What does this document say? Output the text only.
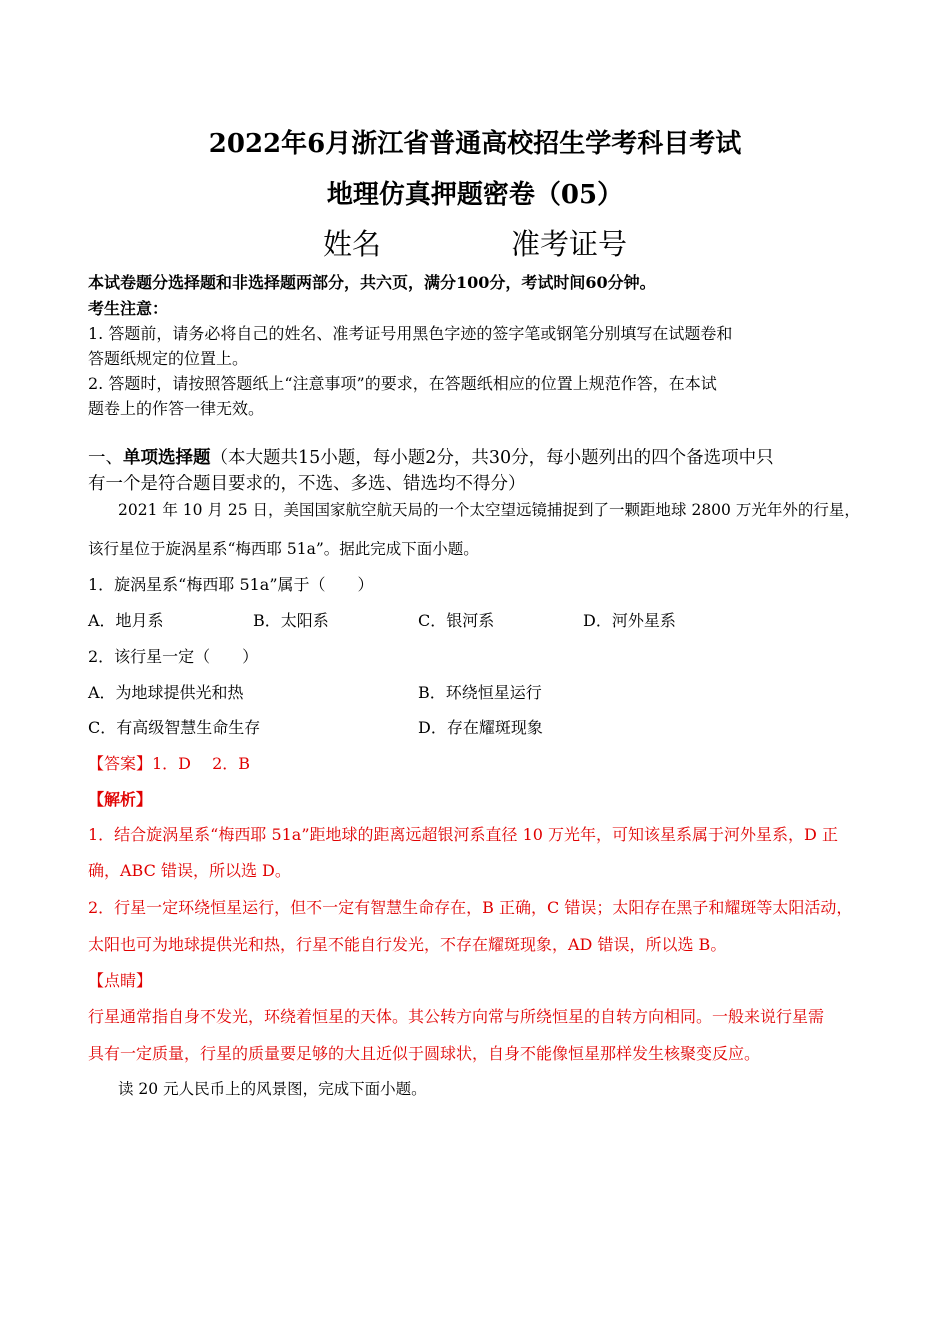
2022年6月浙江省普通高校招生学考科目考试
地理仿真押题密卷（05）
姓名	准考证号
本试卷题分选择题和非选择题两部分，共六页，满分100分，考试时间60分钟。
考生注意：
1. 答题前，请务必将自己的姓名、准考证号用黑色字迹的签字笔或钢笔分别填写在试题卷和
答题纸规定的位置上。
2. 答题时，请按照答题纸上“注意事项”的要求，在答题纸相应的位置上规范作答，在本试
题卷上的作答一律无效。
一、单项选择题（本大题共15小题，每小题2分，共30分，每小题列出的四个备选项中只
有一个是符合题目要求的，不选、多选、错选均不得分）
2021 年 10 月 25 日，美国国家航空航天局的一个太空望远镜捕捉到了一颗距地球 2800 万光年外的行星，
该行星位于旋涡星系“梅西耶 51a”。据此完成下面小题。
1．旋涡星系“梅西耶 51a”属于（　　）
A．地月系	B．太阳系	C．银河系	D．河外星系
2．该行星一定（　　）
A．为地球提供光和热	B．环绕恒星运行
C．有高级智慧生命生存	D．存在耀斑现象
【答案】1．D　 2．B
【解析】
1．结合旋涡星系“梅西耶 51a”距地球的距离远超银河系直径 10 万光年，可知该星系属于河外星系，D 正
确，ABC 错误，所以选 D。
2．行星一定环绕恒星运行，但不一定有智慧生命存在，B 正确，C 错误；太阳存在黑子和耀斑等太阳活动，
太阳也可为地球提供光和热，行星不能自行发光，不存在耀斑现象，AD 错误，所以选 B。
【点睛】
行星通常指自身不发光，环绕着恒星的天体。其公转方向常与所绕恒星的自转方向相同。一般来说行星需
具有一定质量，行星的质量要足够的大且近似于圆球状，自身不能像恒星那样发生核聚变反应。
读 20 元人民币上的风景图，完成下面小题。
